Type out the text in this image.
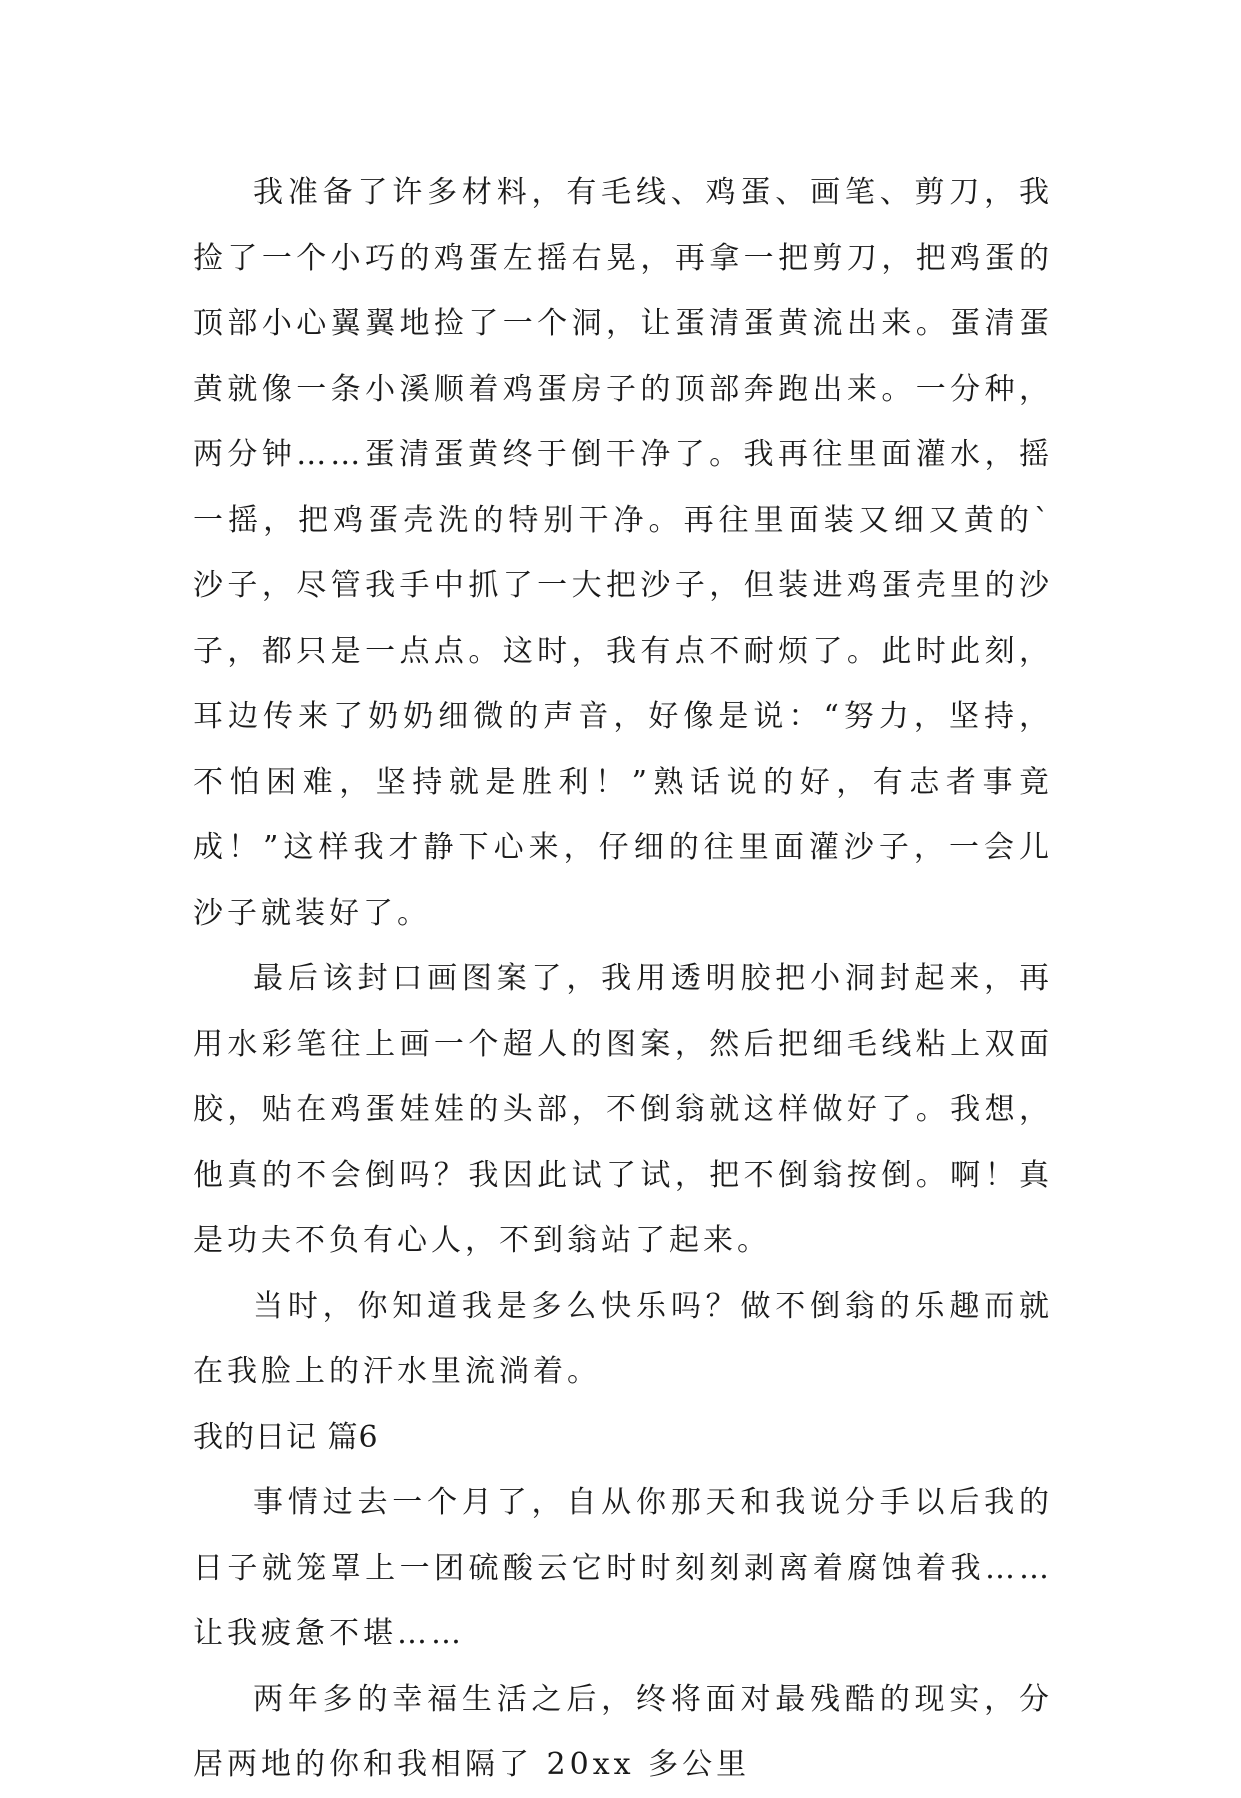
我准备了许多材料，有毛线、鸡蛋、画笔、剪刀，我捡了一个小巧的鸡蛋左摇右晃，再拿一把剪刀，把鸡蛋的顶部小心翼翼地捡了一个洞，让蛋清蛋黄流出来。蛋清蛋黄就像一条小溪顺着鸡蛋房子的顶部奔跑出来。一分种，两分钟……蛋清蛋黄终于倒干净了。我再往里面灌水，摇一摇，把鸡蛋壳洗的特别干净。再往里面装又细又黄的`沙子，尽管我手中抓了一大把沙子，但装进鸡蛋壳里的沙子，都只是一点点。这时，我有点不耐烦了。此时此刻，耳边传来了奶奶细微的声音，好像是说：“努力，坚持，不怕困难，坚持就是胜利！”熟话说的好，有志者事竟成！”这样我才静下心来，仔细的往里面灌沙子，一会儿沙子就装好了。

最后该封口画图案了，我用透明胶把小洞封起来，再用水彩笔往上画一个超人的图案，然后把细毛线粘上双面胶，贴在鸡蛋娃娃的头部，不倒翁就这样做好了。我想，他真的不会倒吗？我因此试了试，把不倒翁按倒。啊！真是功夫不负有心人，不到翁站了起来。

当时，你知道我是多么快乐吗？做不倒翁的乐趣而就在我脸上的汗水里流淌着。

我的日记 篇6

事情过去一个月了，自从你那天和我说分手以后我的日子就笼罩上一团硫酸云它时时刻刻剥离着腐蚀着我……让我疲惫不堪……

两年多的幸福生活之后，终将面对最残酷的现实，分居两地的你和我相隔了 20xx 多公里
